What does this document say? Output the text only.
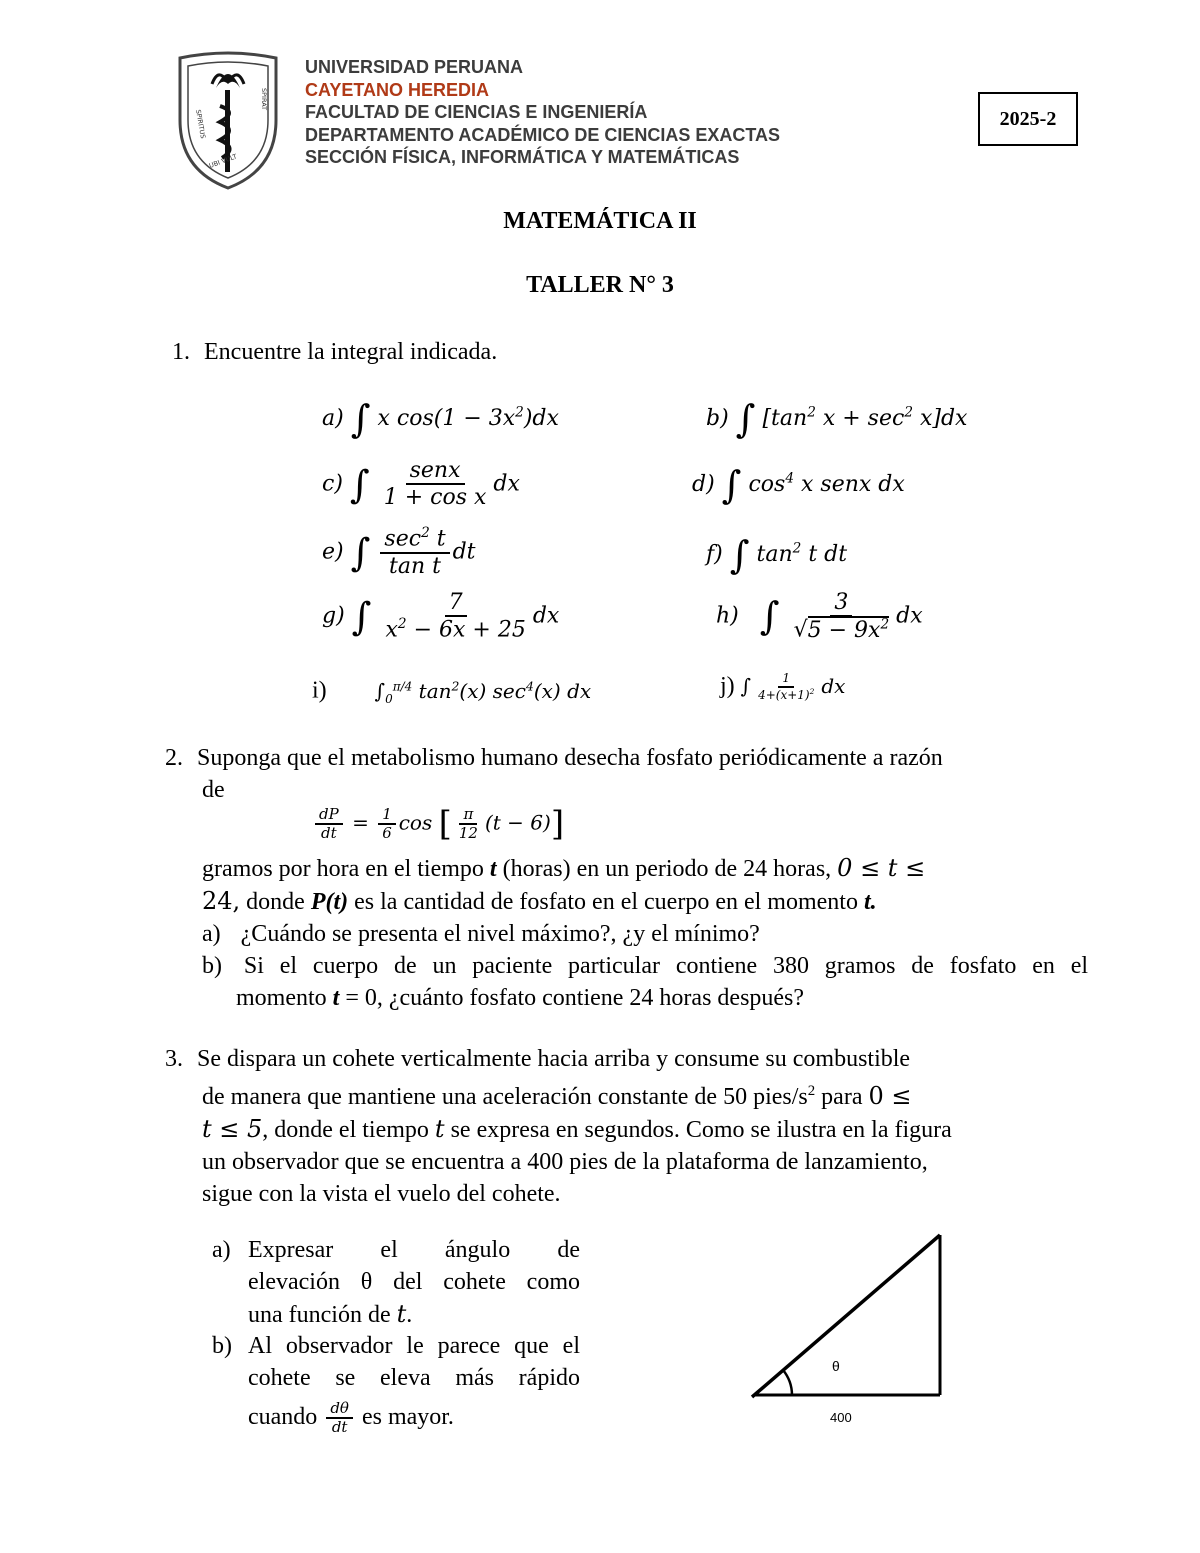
SPIRITUS
SPIRAT
UBI VULT
UNIVERSIDAD PERUANA
CAYETANO HEREDIA
FACULTAD DE CIENCIAS E INGENIERÍA
DEPARTAMENTO ACADÉMICO DE CIENCIAS EXACTAS
SECCIÓN FÍSICA, INFORMÁTICA Y MATEMÁTICAS
2025-2
MATEMÁTICA II
TALLER N° 3
1. Encuentre la integral indicada.
a) ∫ x $\cos(1 - 3x^2)dx$	b) ∫ [$\tan^2$ $x + \sec^2 x]dx$
c) ∫ $\frac{\text{senx}}{\text{1 + cos x}}$ dx	d) ∫ $\cos^4 x$ senx dx
e) ∫ $\frac{\sec^2 t}{\text{tan t}}$ dt	f) ∫ $\tan^2 t$ dt
g) ∫ $\frac{7}{x^2 - 6x + 25}$ dx	h) ∫ $\frac{3}{√5 - 9x^2}$ dx
i) $\int_0^{\pi/4}$ $\tan^2(x)$ $\sec^4(x)$ dx	j) ∫ $\frac{1}{4+(x+1)^2}$ dx
2. Suponga que el metabolismo humano desecha fosfato periódicamente a razón
de
$\frac{dP}{dt} = \frac{1}{6}$ cos [ $\frac{\pi}{12} (t - 6)$]
gramos por hora en el tiempo t (horas) en un periodo de 24 horas, 0 ≤ t ≤
24, donde P(t) es la cantidad de fosfato en el cuerpo en el momento t.
a) ¿Cuándo se presenta el nivel máximo?, ¿y el mínimo?
b) Si el cuerpo de un paciente particular contiene 380 gramos de fosfato en el
momento t = 0, ¿cuánto fosfato contiene 24 horas después?
3. Se dispara un cohete verticalmente hacia arriba y consume su combustible
de manera que mantiene una aceleración constante de 50 pies/$s^2$ para 0 ≤
t ≤ 5, donde el tiempo t se expresa en segundos. Como se ilustra en la figura
un observador que se encuentra a 400 pies de la plataforma de lanzamiento,
sigue con la vista el vuelo del cohete.
a) Expresar el ángulo de
elevación θ del cohete como
una función de t.
b) Al observador le parece que el
cohete se eleva más rápido
cuando $\frac{d\theta}{dt}$ es mayor.
θ
400
